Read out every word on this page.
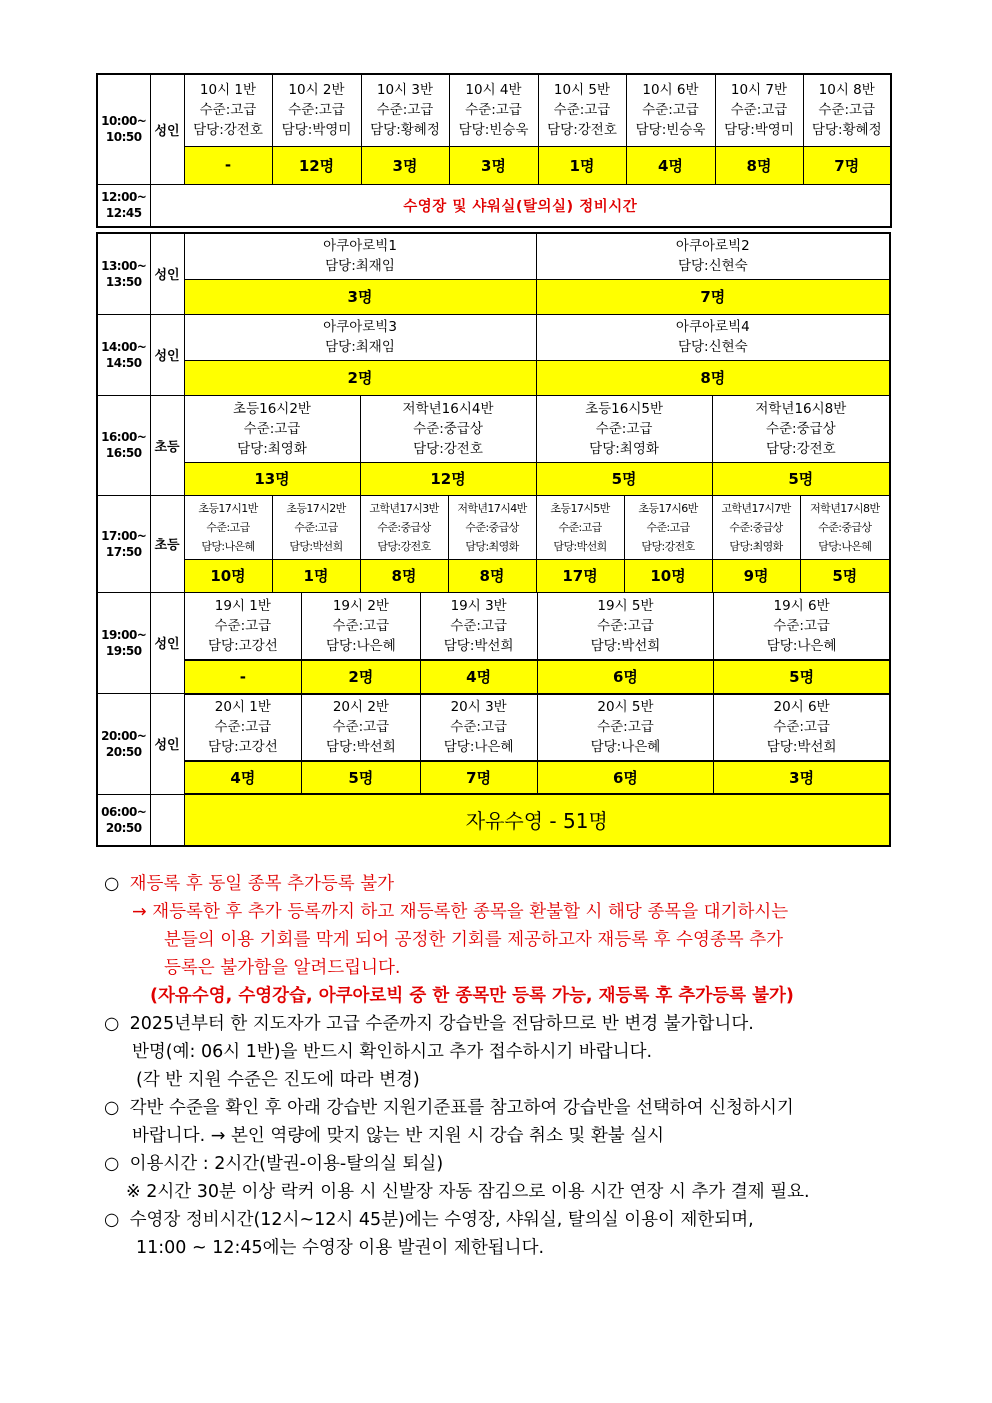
10:00~
10:50	성인	10시 1반
수준:고급
담당:강전호	10시 2반
수준:고급
담당:박영미	10시 3반
수준:고급
담당:황혜정	10시 4반
수준:고급
담당:빈승욱	10시 5반
수준:고급
담당:강전호	10시 6반
수준:고급
담당:빈승욱	10시 7반
수준:고급
담당:박영미	10시 8반
수준:고급
담당:황혜정
		-	12명	3명	3명	1명	4명	8명	7명
12:00~
12:45	수영장 및 샤워실(탈의실) 정비시간								
13:00~
13:50	성인	아쿠아로빅1
담당:최재임	아쿠아로빅2
담당:신현숙
3명	7명
14:00~
14:50	성인	아쿠아로빅3
담당:최재임	아쿠아로빅4
담당:신현숙
2명	8명
16:00~
16:50	초등	초등16시2반
수준:고급
담당:최영화	저학년16시4반
수준:중급상
담당:강전호	초등16시5반
수준:고급
담당:최영화	저학년16시8반
수준:중급상
담당:강전호
13명	12명	5명	5명
17:00~
17:50	초등	초등17시1반
수준:고급
담당:나은혜	초등17시2반
수준:고급
담당:박선희	고학년17시3반
수준:중급상
담당:강전호	저학년17시4반
수준:중급상
담당:최영화	초등17시5반
수준:고급
담당:박선희	초등17시6반
수준:고급
담당:강전호	고학년17시7반
수준:중급상
담당:최영화	저학년17시8반
수준:중급상
담당:나은혜
10명	1명	8명	8명	17명	10명	9명	5명
19:00~
19:50	성인	
19시 1반
수준:고급
담당:고강선	19시 2반
수준:고급
담당:나은혜	19시 3반
수준:고급
담당:박선희	19시 5반
수준:고급
담당:박선희	19시 6반
수준:고급
담당:나은혜

-	2명	4명	6명	5명

20:00~
20:50	성인	
20시 1반
수준:고급
담당:고강선	20시 2반
수준:고급
담당:박선희	20시 3반
수준:고급
담당:나은혜	20시 5반
수준:고급
담당:나은혜	20시 6반
수준:고급
담당:박선희

4명	5명	7명	6명	3명

06:00~
20:50		자유수영 - 51명
○ 재등록 후 동일 종목 추가등록 불가
→ 재등록한 후 추가 등록까지 하고 재등록한 종목을 환불할 시 해당 종목을 대기하시는
분들의 이용 기회를 막게 되어 공정한 기회를 제공하고자 재등록 후 수영종목 추가
등록은 불가함을 알려드립니다.
(자유수영, 수영강습, 아쿠아로빅 중 한 종목만 등록 가능, 재등록 후 추가등록 불가)
○ 2025년부터 한 지도자가 고급 수준까지 강습반을 전담하므로 반 변경 불가합니다.
반명(예: 06시 1반)을 반드시 확인하시고 추가 접수하시기 바랍니다.
(각 반 지원 수준은 진도에 따라 변경)
○ 각반 수준을 확인 후 아래 강습반 지원기준표를 참고하여 강습반을 선택하여 신청하시기
바랍니다. → 본인 역량에 맞지 않는 반 지원 시 강습 취소 및 환불 실시
○ 이용시간 : 2시간(발권-이용-탈의실 퇴실)
※ 2시간 30분 이상 락커 이용 시 신발장 자동 잠김으로 이용 시간 연장 시 추가 결제 필요.
○ 수영장 정비시간(12시~12시 45분)에는 수영장, 샤워실, 탈의실 이용이 제한되며,
11:00 ~ 12:45에는 수영장 이용 발권이 제한됩니다.
